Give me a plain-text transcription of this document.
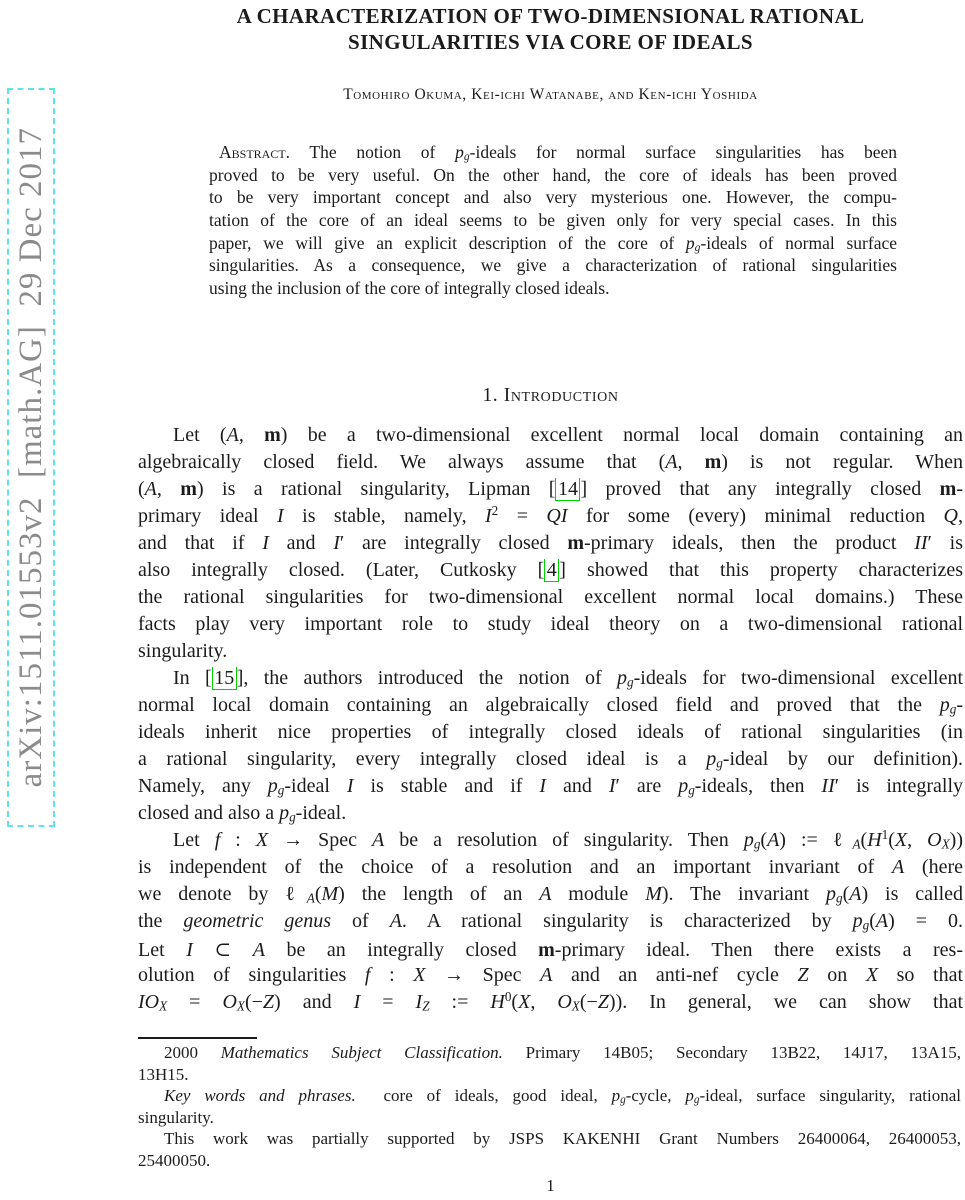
arXiv:1511.01553v2  [math.AG]  29 Dec 2017
A CHARACTERIZATION OF TWO-DIMENSIONAL RATIONAL
SINGULARITIES VIA CORE OF IDEALS
Tomohiro Okuma, Kei-ichi Watanabe, and Ken-ichi Yoshida
Abstract. The notion of $p_g$-ideals for normal surface singularities has been
proved to be very useful. On the other hand, the core of ideals has been proved
to be very important concept and also very mysterious one. However, the compu-
tation of the core of an ideal seems to be given only for very special cases. In this
paper, we will give an explicit description of the core of $p_g$-ideals of normal surface
singularities. As a consequence, we give a characterization of rational singularities
using the inclusion of the core of integrally closed ideals.
1. Introduction
Let (A, m) be a two-dimensional excellent normal local domain containing an
algebraically closed field. We always assume that (A, m) is not regular. When
(A, m) is a rational singularity, Lipman [ 14 ] proved that any integrally closed m-
primary ideal I is stable, namely, $I^2$ = QI for some (every) minimal reduction Q,
and that if I and I′ are integrally closed m-primary ideals, then the product II′ is
also integrally closed. (Later, Cutkosky [ 4 ] showed that this property characterizes
the rational singularities for two-dimensional excellent normal local domains.) These
facts play very important role to study ideal theory on a two-dimensional rational
singularity.
In [ 15 ], the authors introduced the notion of $p_g$-ideals for two-dimensional excellent
normal local domain containing an algebraically closed field and proved that the $p_g-$
ideals inherit nice properties of integrally closed ideals of rational singularities (in
a rational singularity, every integrally closed ideal is a $p_g$-ideal by our definition).
Namely, any $p_g$-ideal I is stable and if I and I′ are $p_g$-ideals, then II′ is integrally
closed and also a $p_g$-ideal.
Let f : X → Spec A be a resolution of singularity. Then $p_g(A)$ := $\ell_A(H^1(X$, $O_X$))
is independent of the choice of a resolution and an important invariant of A (here
we denote by ℓ$_A$(M) the length of an A module M). The invariant $p_g(A)$ is called
the geometric genus of A. A rational singularity is characterized by $p_g(A) = 0$.
Let I ⊂ A be an integrally closed m-primary ideal. Then there exists a res-
olution of singularities f : X → Spec A and an anti-nef cycle Z on X so that
$IO_X = O_X(-Z)$ and $I = I_Z$ := $H^0(X$, $O_X(-Z)$). In general, we can show that
2000 Mathematics Subject Classification. Primary 14B05; Secondary 13B22, 14J17, 13A15,
13H15.
Key words and phrases.  core of ideals, good ideal, $p_g$-cycle, $p_g$-ideal, surface singularity, rational
singularity.
This work was partially supported by JSPS KAKENHI Grant Numbers 26400064, 26400053,
25400050.
1
